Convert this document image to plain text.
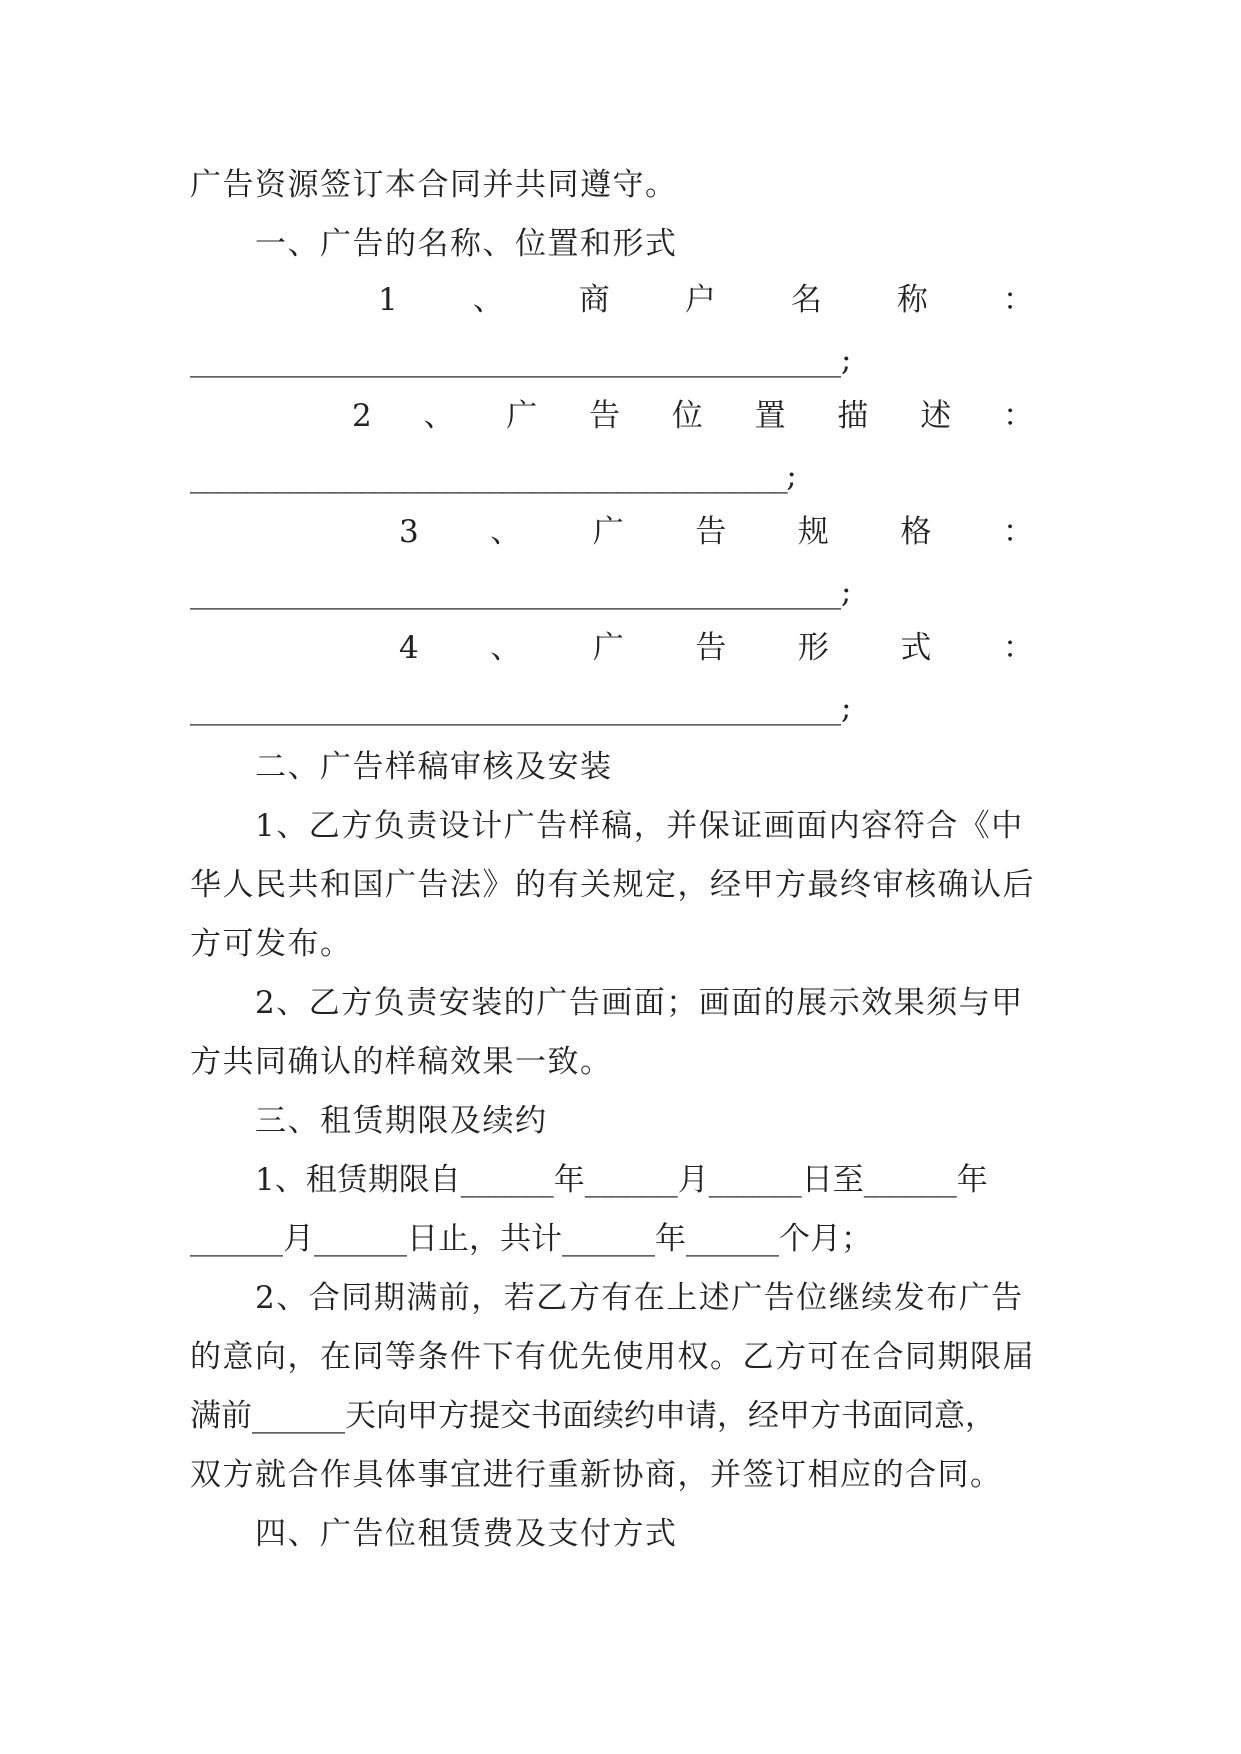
广告资源签订本合同并共同遵守。
一、广告的名称、位置和形式
1 、 商 户 名 称 ：
__________________________________________;
2 、 广 告 位 置 描 述 ：
__________________________________________;
3 、 广 告 规 格 ：
__________________________________________;
4 、 广 告 形 式 ：
__________________________________________;
二、广告样稿审核及安装
1、乙方负责设计广告样稿，并保证画面内容符合《中
华人民共和国广告法》的有关规定，经甲方最终审核确认后
方可发布。
2、乙方负责安装的广告画面；画面的展示效果须与甲
方共同确认的样稿效果一致。
三、租赁期限及续约
1、租赁期限自______年______月______日至______年
______月______日止，共计______年______个月；
2、合同期满前，若乙方有在上述广告位继续发布广告
的意向，在同等条件下有优先使用权。乙方可在合同期限届
满前______天向甲方提交书面续约申请，经甲方书面同意，
双方就合作具体事宜进行重新协商，并签订相应的合同。
四、广告位租赁费及支付方式
